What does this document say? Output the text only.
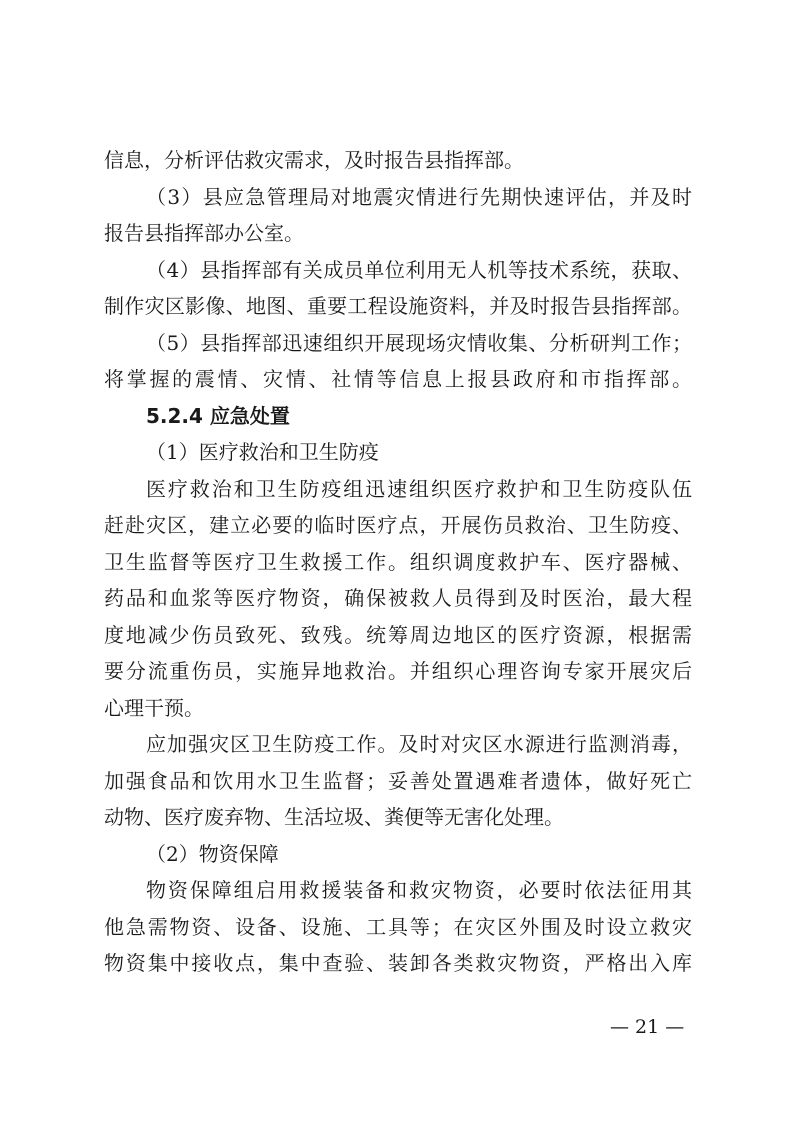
信息，分析评估救灾需求，及时报告县指挥部。
（3）县应急管理局对地震灾情进行先期快速评估，并及时
报告县指挥部办公室。
（4）县指挥部有关成员单位利用无人机等技术系统，获取、
制作灾区影像、地图、重要工程设施资料，并及时报告县指挥部。
（5）县指挥部迅速组织开展现场灾情收集、分析研判工作；
将掌握的震情、灾情、社情等信息上报县政府和市指挥部。
5.2.4 应急处置
（1）医疗救治和卫生防疫
医疗救治和卫生防疫组迅速组织医疗救护和卫生防疫队伍
赶赴灾区，建立必要的临时医疗点，开展伤员救治、卫生防疫、
卫生监督等医疗卫生救援工作。组织调度救护车、医疗器械、
药品和血浆等医疗物资，确保被救人员得到及时医治，最大程
度地减少伤员致死、致残。统筹周边地区的医疗资源，根据需
要分流重伤员，实施异地救治。并组织心理咨询专家开展灾后
心理干预。
应加强灾区卫生防疫工作。及时对灾区水源进行监测消毒，
加强食品和饮用水卫生监督；妥善处置遇难者遗体，做好死亡
动物、医疗废弃物、生活垃圾、粪便等无害化处理。
（2）物资保障
物资保障组启用救援装备和救灾物资，必要时依法征用其
他急需物资、设备、设施、工具等；在灾区外围及时设立救灾
物资集中接收点，集中查验、装卸各类救灾物资，严格出入库
— 21 —
